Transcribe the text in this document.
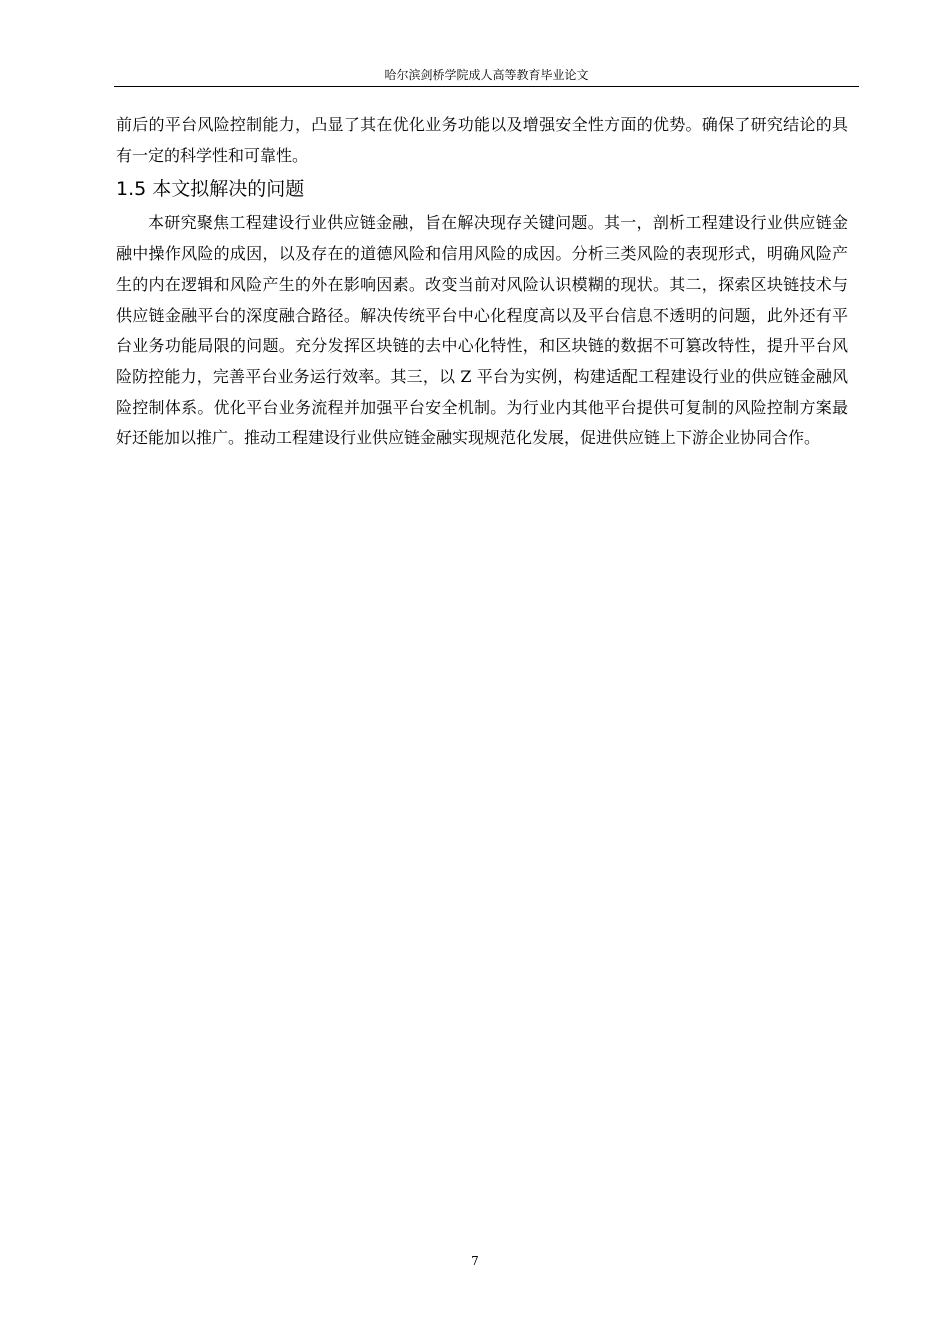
哈尔滨剑桥学院成人高等教育毕业论文

前后的平台风险控制能力，凸显了其在优化业务功能以及增强安全性方面的优势。确保了研究结论的具有一定的科学性和可靠性。

1.5 本文拟解决的问题

本研究聚焦工程建设行业供应链金融，旨在解决现存关键问题。其一，剖析工程建设行业供应链金融中操作风险的成因，以及存在的道德风险和信用风险的成因。分析三类风险的表现形式，明确风险产生的内在逻辑和风险产生的外在影响因素。改变当前对风险认识模糊的现状。其二，探索区块链技术与供应链金融平台的深度融合路径。解决传统平台中心化程度高以及平台信息不透明的问题，此外还有平台业务功能局限的问题。充分发挥区块链的去中心化特性，和区块链的数据不可篡改特性，提升平台风险防控能力，完善平台业务运行效率。其三，以 Z 平台为实例，构建适配工程建设行业的供应链金融风险控制体系。优化平台业务流程并加强平台安全机制。为行业内其他平台提供可复制的风险控制方案最好还能加以推广。推动工程建设行业供应链金融实现规范化发展，促进供应链上下游企业协同合作。

7
